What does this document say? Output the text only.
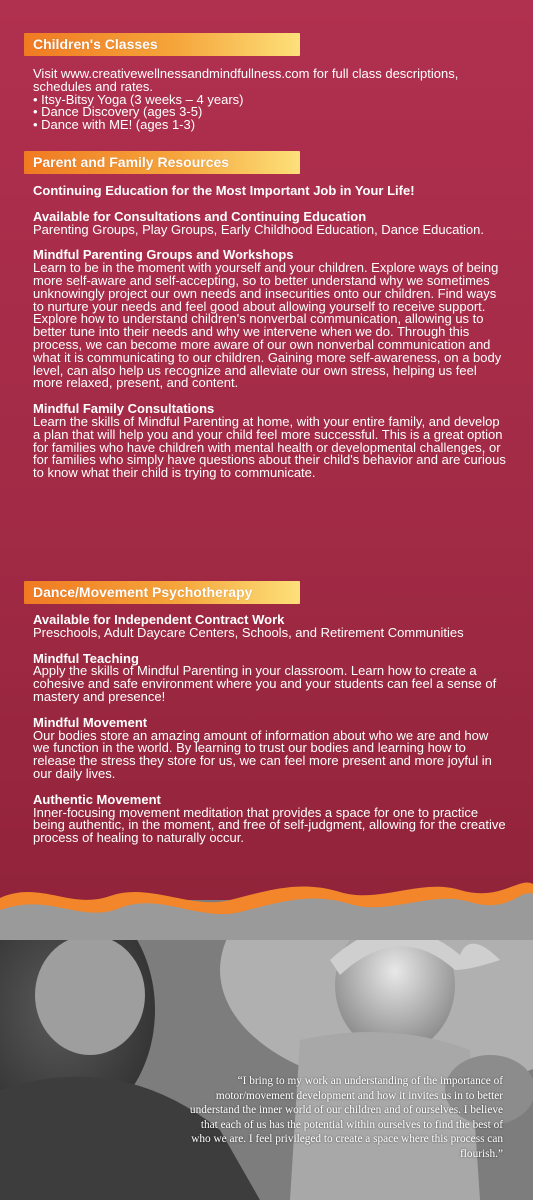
Children's Classes

Visit www.creativewellnessandmindfullness.com for full class descriptions, schedules and rates.

• Itsy-Bitsy Yoga (3 weeks – 4 years)

• Dance Discovery (ages 3-5)

• Dance with ME! (ages 1-3)

Parent and Family Resources

Continuing Education for the Most Important Job in Your Life!

Available for Consultations and Continuing Education

Parenting Groups, Play Groups, Early Childhood Education, Dance Education.

Mindful Parenting Groups and Workshops

Learn to be in the moment with yourself and your children. Explore ways of being more self-aware and self-accepting, so to better understand why we sometimes unknowingly project our own needs and insecurities onto our children. Find ways to nurture your needs and feel good about allowing yourself to receive support. Explore how to understand children's nonverbal communication, allowing us to better tune into their needs and why we intervene when we do. Through this process, we can become more aware of our own nonverbal communication and what it is communicating to our children. Gaining more self-awareness, on a body level, can also help us recognize and alleviate our own stress, helping us feel more relaxed, present, and content.

Mindful Family Consultations

Learn the skills of Mindful Parenting at home, with your entire family, and develop a plan that will help you and your child feel more successful. This is a great option for families who have children with mental health or developmental challenges, or for families who simply have questions about their child's behavior and are curious to know what their child is trying to communicate.

Dance/Movement Psychotherapy

Available for Independent Contract Work

Preschools, Adult Daycare Centers, Schools, and Retirement Communities

Mindful Teaching

Apply the skills of Mindful Parenting in your classroom. Learn how to create a cohesive and safe environment where you and your students can feel a sense of mastery and presence!

Mindful Movement

Our bodies store an amazing amount of information about who we are and how we function in the world. By learning to trust our bodies and learning how to release the stress they store for us, we can feel more present and more joyful in our daily lives.

Authentic Movement

Inner-focusing movement meditation that provides a space for one to practice being authentic, in the moment, and free of self-judgment, allowing for the creative process of healing to naturally occur.

“I bring to my work an understanding of the importance of motor/movement development and how it invites us in to better understand the inner world of our children and of ourselves. I believe that each of us has the potential within ourselves to find the best of who we are. I feel privileged to create a space where this process can flourish.”
